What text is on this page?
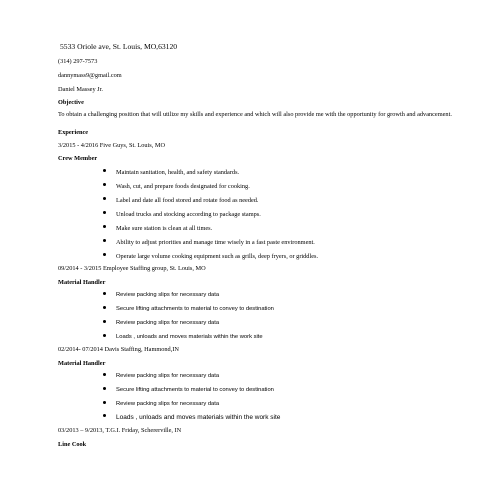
5533 Oriole ave, St. Louis, MO,63120
(314) 297-7573
dannymass9@gmail.com
Daniel Massey Jr.
Objective
To obtain a challenging position that will utilize my skills and experience and which will also provide me with the opportunity for growth and advancement.
Experience
3/2015 - 4/2016 Five Guys, St. Louis, MO
Crew Member
Maintain sanitation, health, and safety standards.
Wash, cut, and prepare foods designated for cooking.
Label and date all food stored and rotate food as needed.
Unload trucks and stocking according to package stamps.
Make sure station is clean at all times.
Ability to adjust priorities and manage time wisely in a fast paste environment.
Operate large volume cooking equipment such as grills, deep fryers, or griddles.
09/2014 - 3/2015 Employee Staffing group, St. Louis, MO
Material Handler
Review packing slips for necessary data
Secure lifting attachments to material to convey to destination
Review packing slips for necessary data
Loads , unloads and moves materials within the work site
02/2014- 07/2014 Davis Staffing, Hammond,IN
Material Handler
Review packing slips for necessary data
Secure lifting attachments to material to convey to destination
Review packing slips for necessary data
Loads , unloads and moves materials within the work site
03/2013 – 9/2013, T.G.I. Friday, Schererville, IN
Line Cook
